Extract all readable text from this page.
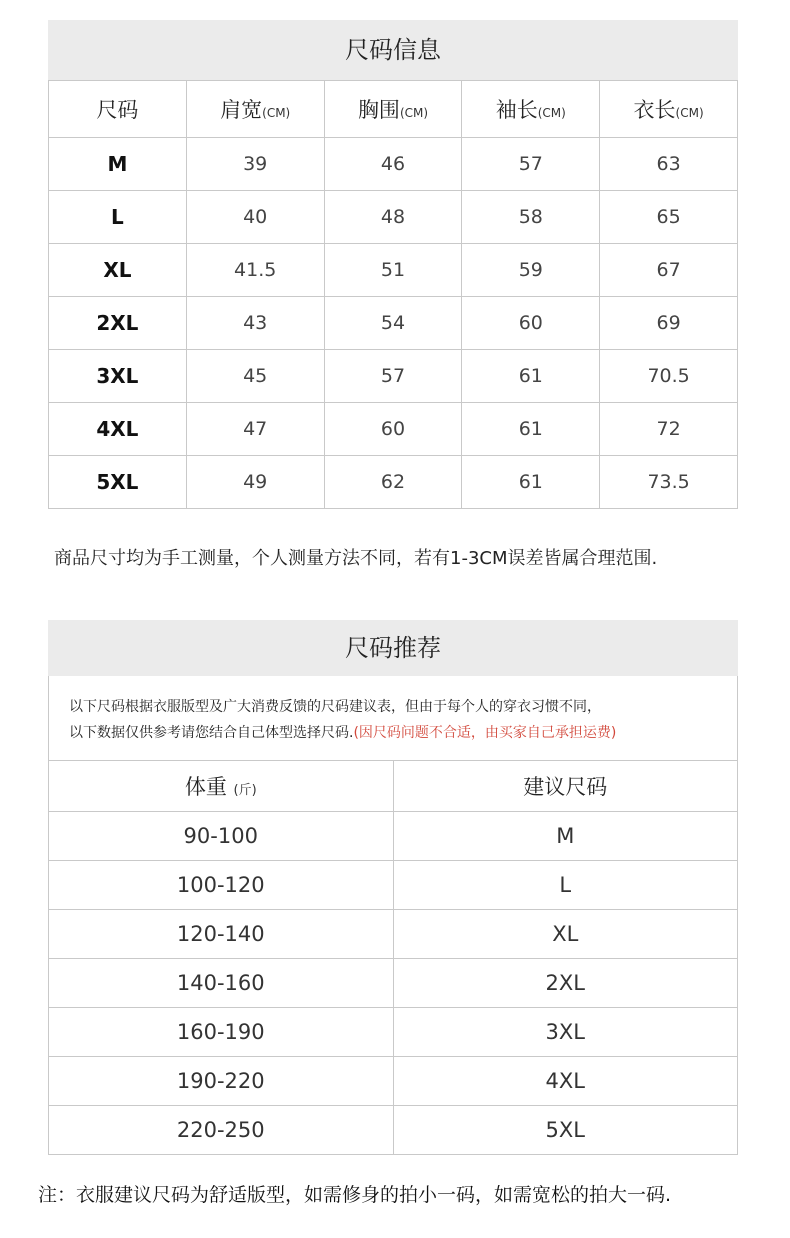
尺码信息
尺码	肩宽(CM)	胸围(CM)	袖长(CM)	衣长(CM)
M	39	46	57	63
L	40	48	58	65
XL	41.5	51	59	67
2XL	43	54	60	69
3XL	45	57	61	70.5
4XL	47	60	61	72
5XL	49	62	61	73.5
商品尺寸均为手工测量，个人测量方法不同，若有1-3CM误差皆属合理范围.
尺码推荐
以下尺码根据衣服版型及广大消费反馈的尺码建议表，但由于每个人的穿衣习惯不同，
以下数据仅供参考请您结合自己体型选择尺码.(因尺码问题不合适，由买家自己承担运费)
体重 (斤)	建议尺码
90-100	M
100-120	L
120-140	XL
140-160	2XL
160-190	3XL
190-220	4XL
220-250	5XL
注：衣服建议尺码为舒适版型，如需修身的拍小一码，如需宽松的拍大一码.
